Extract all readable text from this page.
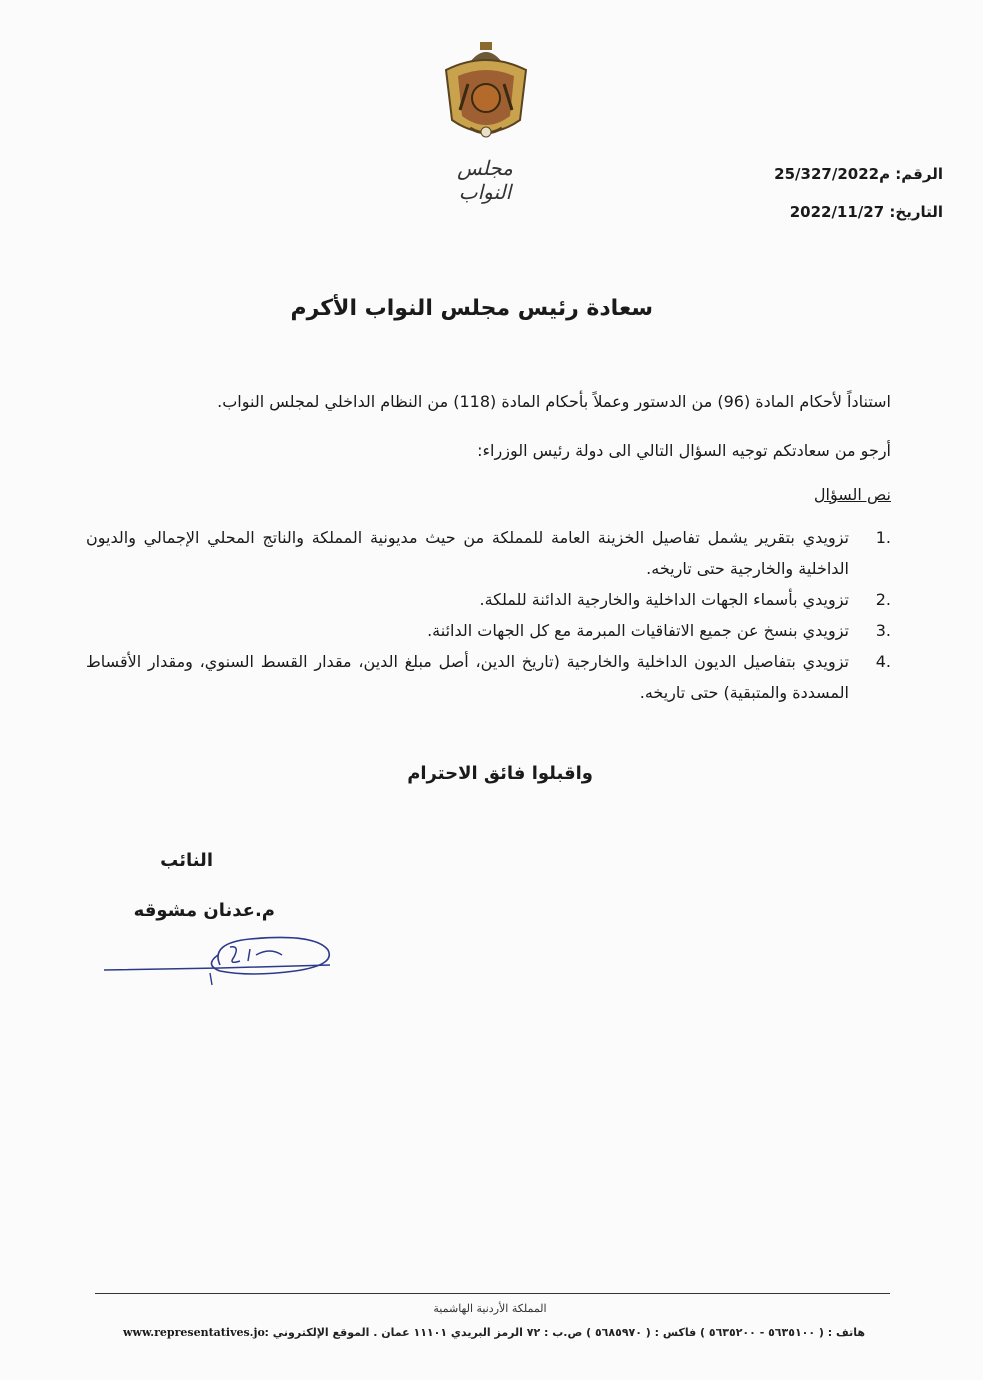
مجلس النواب
الرقم: م25/327/2022
التاريخ: 2022/11/27
سعادة رئيس مجلس النواب الأكرم
استناداً لأحكام المادة (96) من الدستور وعملاً بأحكام المادة (118) من النظام الداخلي لمجلس النواب.
أرجو من سعادتكم توجيه السؤال التالي الى دولة رئيس الوزراء:
نص السؤال
1.
تزويدي بتقرير يشمل تفاصيل الخزينة العامة للمملكة من حيث مديونية المملكة والناتج المحلي الإجمالي والديون الداخلية والخارجية حتى تاريخه.
2.
تزويدي بأسماء الجهات الداخلية والخارجية الدائنة للملكة.
3.
تزويدي بنسخ عن جميع الاتفاقيات المبرمة مع كل الجهات الدائنة.
4.
تزويدي بتفاصيل الديون الداخلية والخارجية (تاريخ الدين، أصل مبلغ الدين، مقدار القسط السنوي، ومقدار الأقساط المسددة والمتبقية) حتى تاريخه.
واقبلوا فائق الاحترام
النائب
م.عدنان مشوقه
المملكة الأردنية الهاشمية
هاتف : ( ٥٦٣٥١٠٠ - ٥٦٣٥٢٠٠ ) فاكس : ( ٥٦٨٥٩٧٠ ) ص.ب : ٧٢ الرمز البريدي ١١١٠١ عمان . الموقع الإلكتروني :
www.representatives.jo
